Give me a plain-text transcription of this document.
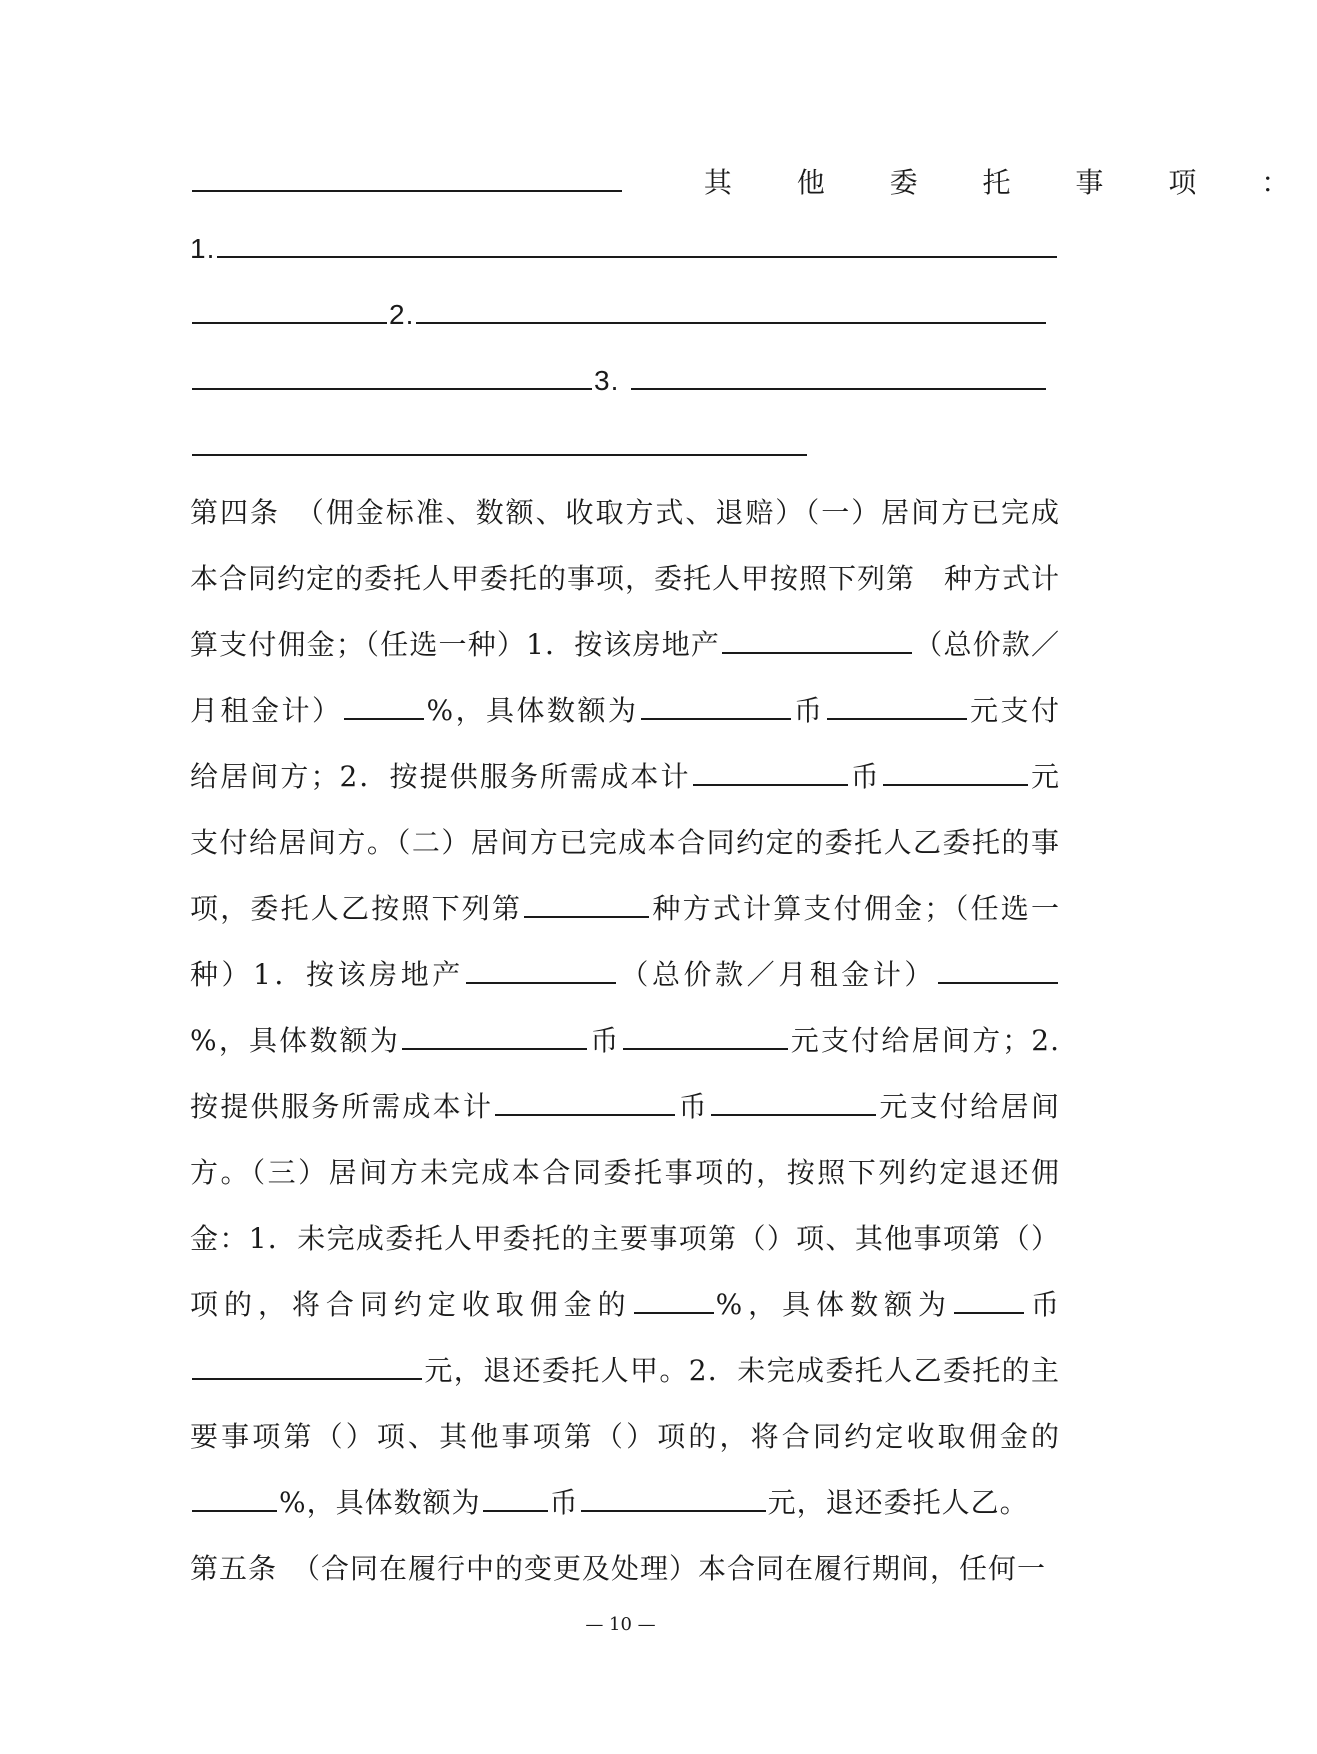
其 他 委 托 事 项 ：
1.
2.
3.
第四条　（佣金标准、数额、收取方式、退赔）（一）居间方已完成本合同约定的委托人甲委托的事项，委托人甲按照下列第　种方式计算支付佣金；（任选一种）1．按该房地产	（总价款／月租金计）	%，具体数额为	币	元支付给居间方；2．按提供服务所需成本计	币	元支付给居间方。（二）居间方已完成本合同约定的委托人乙委托的事项，委托人乙按照下列第	种方式计算支付佣金；（任选一种）1．按该房地产	（总价款／月租金计）%，具体数额为	币	元支付给居间方；2. 按提供服务所需成本计	币	元支付给居间方。（三）居间方未完成本合同委托事项的，按照下列约定退还佣金：1．未完成委托人甲委托的主要事项第（）项、其他事项第（）项的，将合同约定收取佣金的	%，具体数额为	币元，退还委托人甲。2．未完成委托人乙委托的主要事项第（）项、其他事项第（）项的，将合同约定收取佣金的%，具体数额为 币	元，退还委托人乙。
第五条　（合同在履行中的变更及处理）本合同在履行期间，任何一
— 10 —
